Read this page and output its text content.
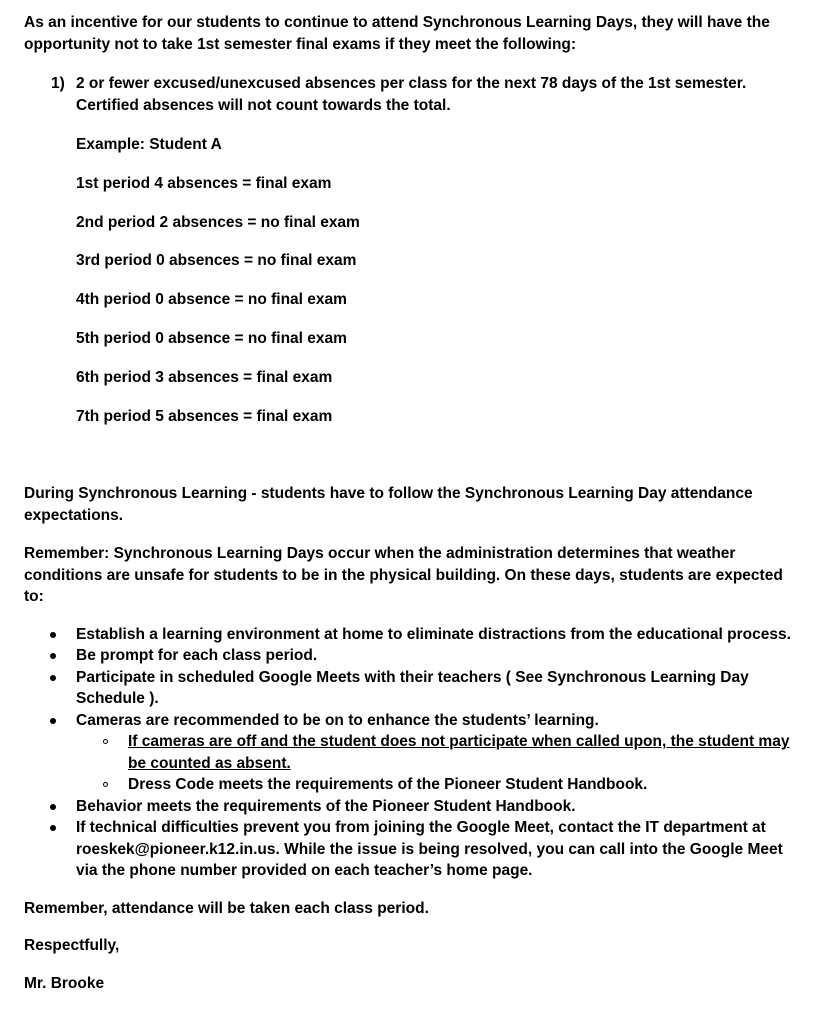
As an incentive for our students to continue to attend Synchronous Learning Days, they will have the opportunity not to take 1st semester final exams if they meet the following:

1) 2 or fewer excused/unexcused absences per class for the next 78 days of the 1st semester. Certified absences will not count towards the total.

Example: Student A

1st period 4 absences = final exam

2nd period 2 absences = no final exam

3rd period 0 absences = no final exam

4th period 0 absence = no final exam

5th period 0 absence = no final exam

6th period 3 absences = final exam

7th period 5 absences = final exam

During Synchronous Learning - students have to follow the Synchronous Learning Day attendance expectations.

Remember: Synchronous Learning Days occur when the administration determines that weather conditions are unsafe for students to be in the physical building. On these days, students are expected to:

Establish a learning environment at home to eliminate distractions from the educational process.
Be prompt for each class period.
Participate in scheduled Google Meets with their teachers ( See Synchronous Learning Day Schedule ).
Cameras are recommended to be on to enhance the students’ learning.
If cameras are off and the student does not participate when called upon, the student may be counted as absent.
Dress Code meets the requirements of the Pioneer Student Handbook.
Behavior meets the requirements of the Pioneer Student Handbook.
If technical difficulties prevent you from joining the Google Meet, contact the IT department at roeskek@pioneer.k12.in.us. While the issue is being resolved, you can call into the Google Meet via the phone number provided on each teacher’s home page.

Remember, attendance will be taken each class period.

Respectfully,

Mr. Brooke
